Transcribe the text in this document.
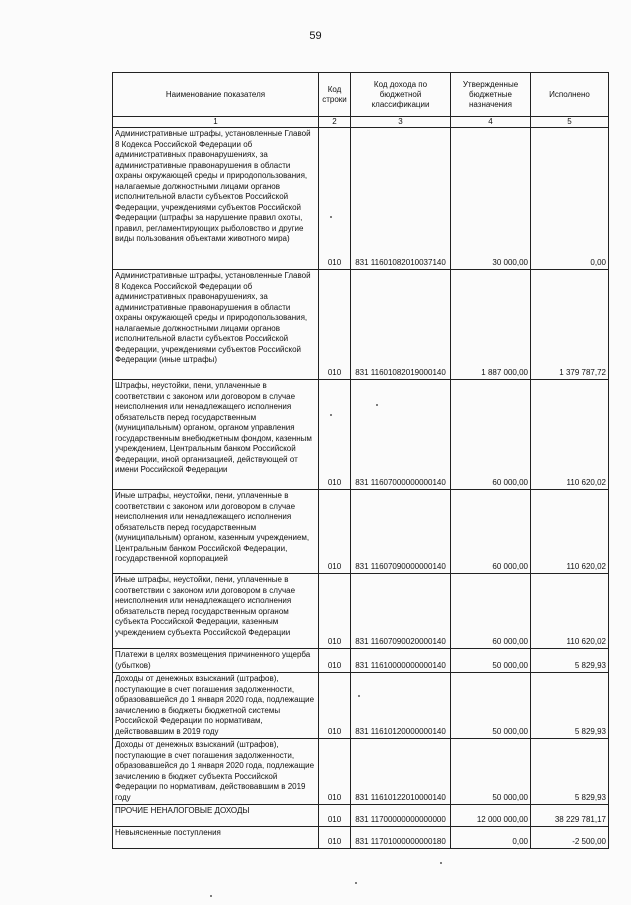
59
Наименование показателя	Код строки	Код дохода по бюджетной классификации	Утвержденные бюджетные назначения	Исполнено
1	2	3	4	5
Административные штрафы, установленные Главой 8 Кодекса Российской Федерации об административных правонарушениях, за административные правонарушения в области охраны окружающей среды и природопользования, налагаемые должностными лицами органов исполнительной власти субъектов Российской Федерации, учреждениями субъектов Российской Федерации (штрафы за нарушение правил охоты, правил, регламентирующих рыболовство и другие виды пользования объектами животного мира)	010	831 11601082010037140	30 000,00	0,00
Административные штрафы, установленные Главой 8 Кодекса Российской Федерации об административных правонарушениях, за административные правонарушения в области охраны окружающей среды и природопользования, налагаемые должностными лицами органов исполнительной власти субъектов Российской Федерации, учреждениями субъектов Российской Федерации (иные штрафы)	010	831 11601082019000140	1 887 000,00	1 379 787,72
Штрафы, неустойки, пени, уплаченные в соответствии с законом или договором в случае неисполнения или ненадлежащего исполнения обязательств перед государственным (муниципальным) органом, органом управления государственным внебюджетным фондом, казенным учреждением, Центральным банком Российской Федерации, иной организацией, действующей от имени Российской Федерации	010	831 11607000000000140	60 000,00	110 620,02
Иные штрафы, неустойки, пени, уплаченные в соответствии с законом или договором в случае неисполнения или ненадлежащего исполнения обязательств перед государственным (муниципальным) органом, казенным учреждением, Центральным банком Российской Федерации, государственной корпорацией	010	831 11607090000000140	60 000,00	110 620,02
Иные штрафы, неустойки, пени, уплаченные в соответствии с законом или договором в случае неисполнения или ненадлежащего исполнения обязательств перед государственным органом субъекта Российской Федерации, казенным учреждением субъекта Российской Федерации	010	831 11607090020000140	60 000,00	110 620,02
Платежи в целях возмещения причиненного ущерба (убытков)	010	831 11610000000000140	50 000,00	5 829,93
Доходы от денежных взысканий (штрафов), поступающие в счет погашения задолженности, образовавшейся до 1 января 2020 года, подлежащие зачислению в бюджеты бюджетной системы Российской Федерации по нормативам, действовавшим в 2019 году	010	831 11610120000000140	50 000,00	5 829,93
Доходы от денежных взысканий (штрафов), поступающие в счет погашения задолженности, образовавшейся до 1 января 2020 года, подлежащие зачислению в бюджет субъекта Российской Федерации по нормативам, действовавшим в 2019 году	010	831 11610122010000140	50 000,00	5 829,93
ПРОЧИЕ НЕНАЛОГОВЫЕ ДОХОДЫ	010	831 11700000000000000	12 000 000,00	38 229 781,17
Невыясненные поступления	010	831 11701000000000180	0,00	-2 500,00
